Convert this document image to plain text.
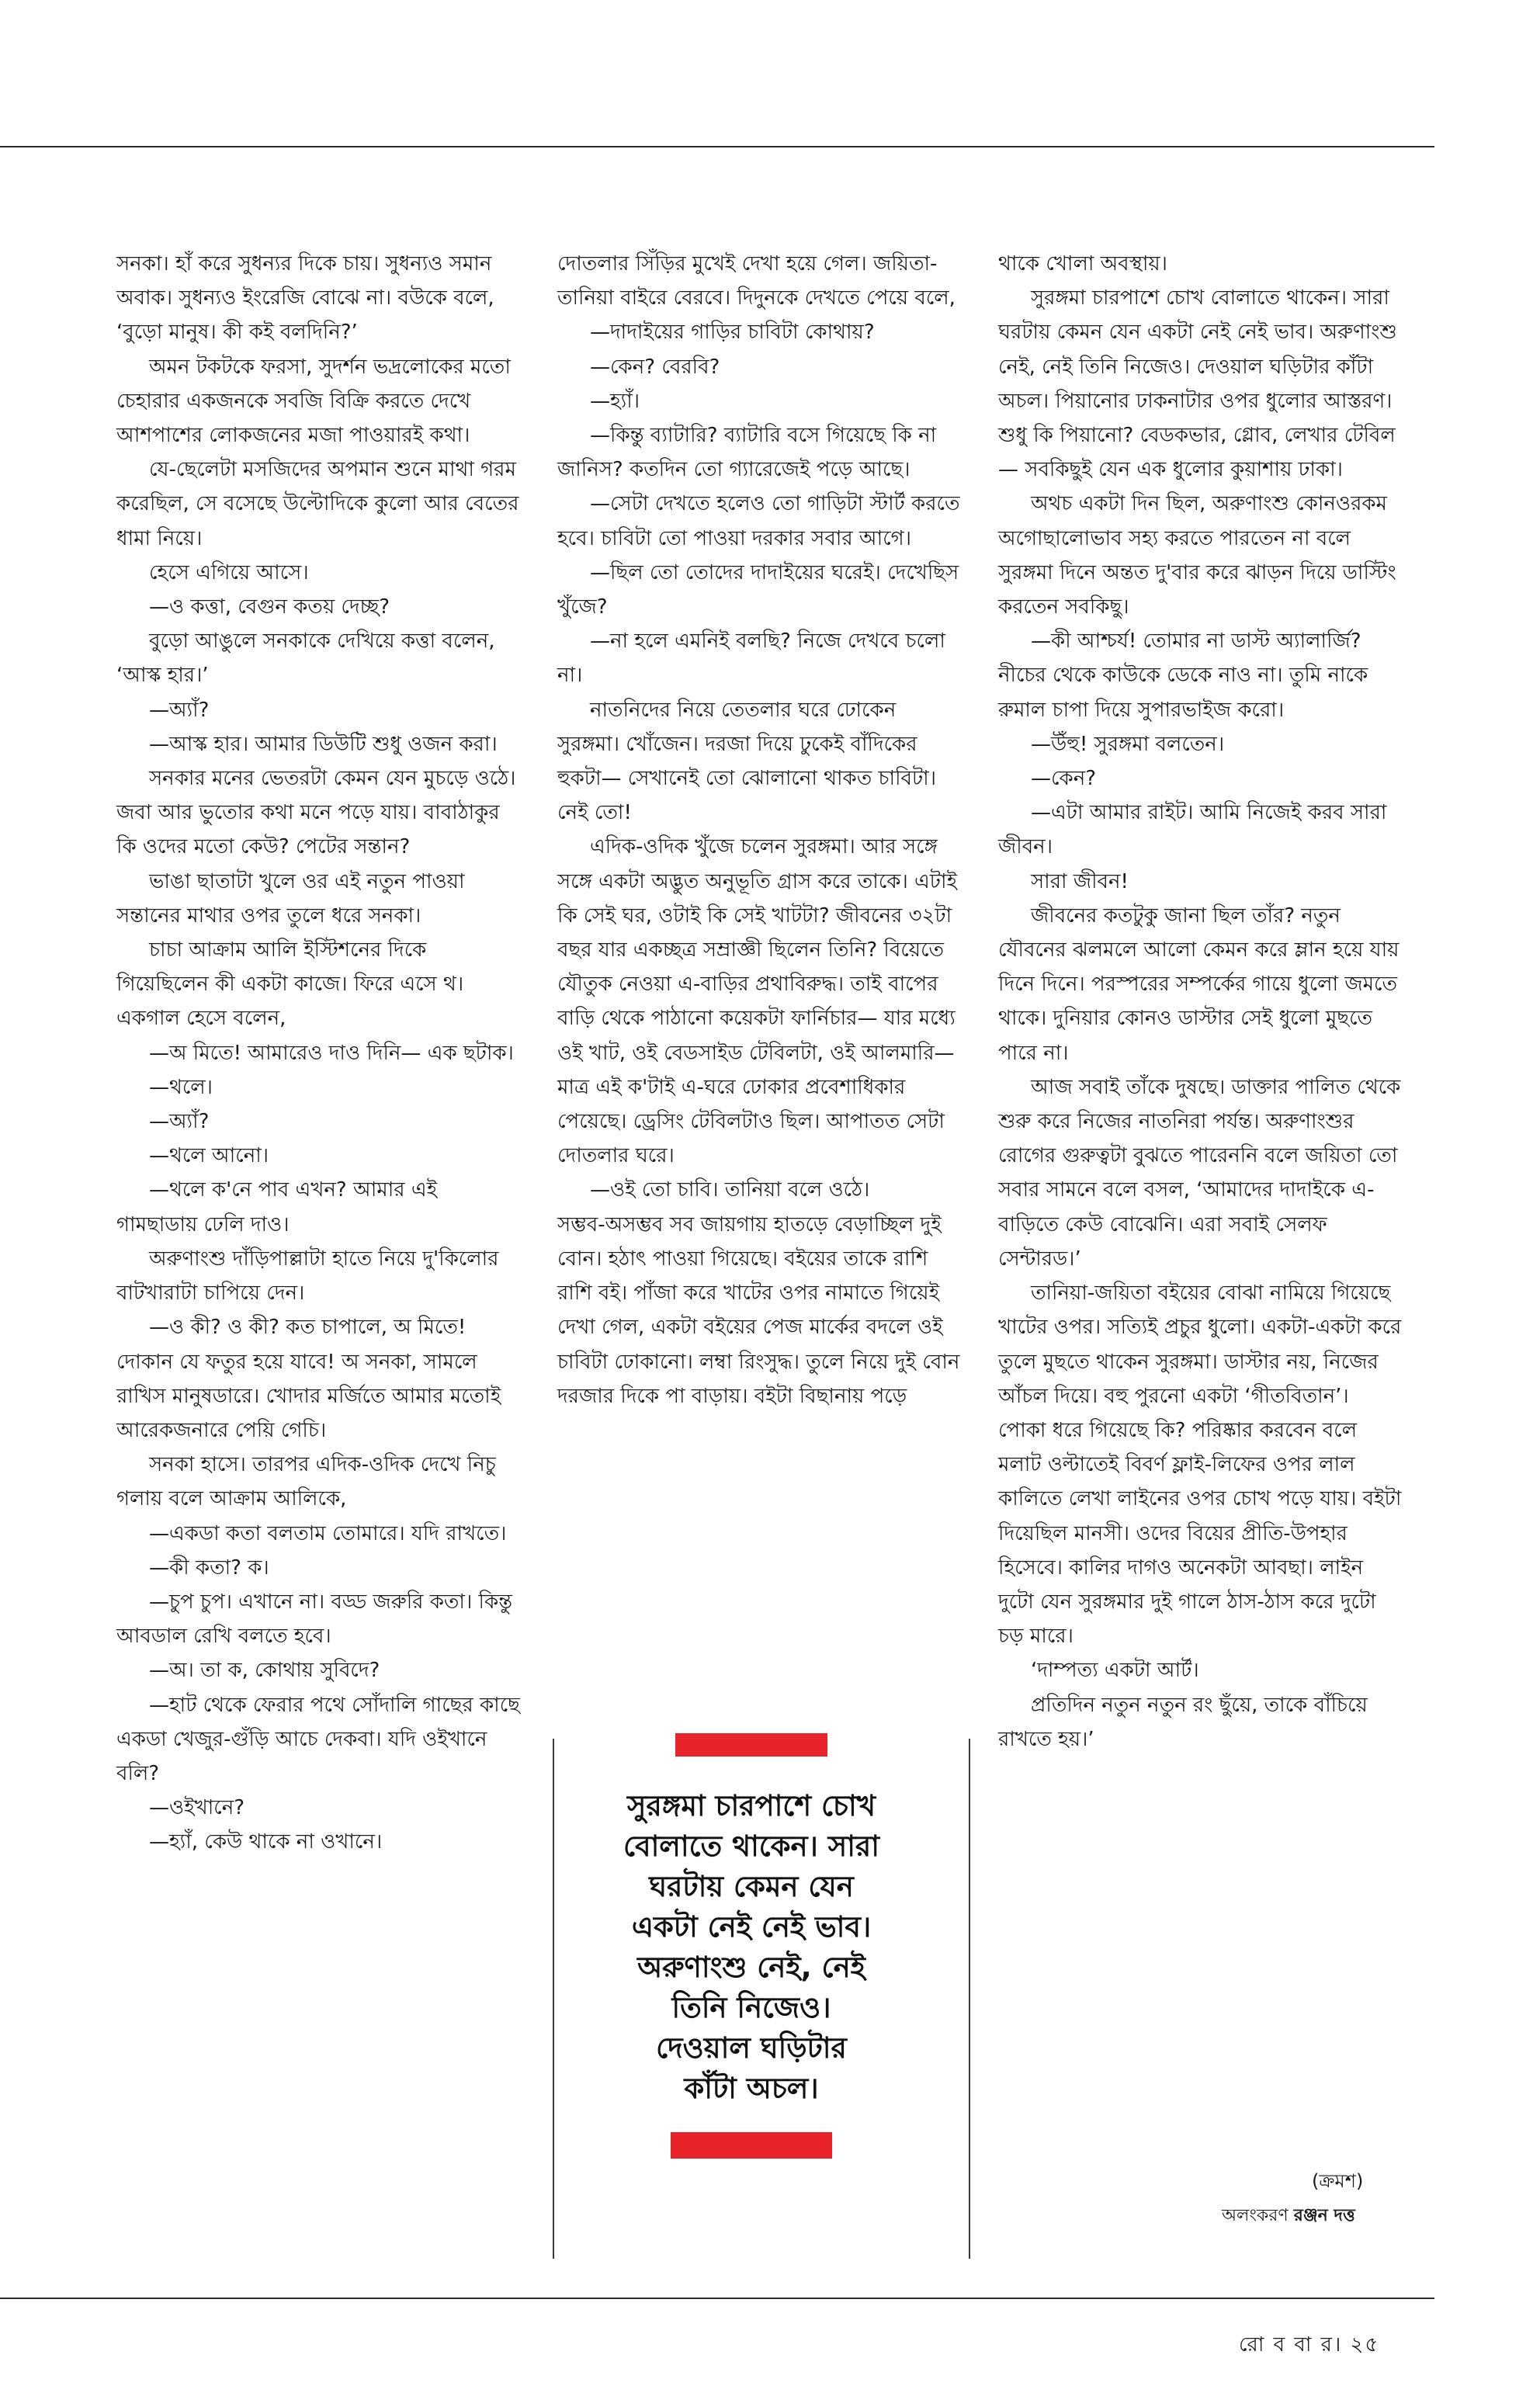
সনকা। হাঁ করে সুধন্যর দিকে চায়। সুধন্যও সমান অবাক। সুধন্যও ইংরেজি বোঝে না। বউকে বলে, ‘বুড়ো মানুষ। কী কই বলদিনি?’

অমন টকটকে ফরসা, সুদর্শন ভদ্রলোকের মতো চেহারার একজনকে সবজি বিক্রি করতে দেখে আশপাশের লোকজনের মজা পাওয়ারই কথা।

যে-ছেলেটা মসজিদের অপমান শুনে মাথা গরম করেছিল, সে বসেছে উল্টোদিকে কুলো আর বেতের ধামা নিয়ে।

হেসে এগিয়ে আসে।

—ও কত্তা, বেগুন কতয় দেচ্ছ?

বুড়ো আঙুলে সনকাকে দেখিয়ে কত্তা বলেন, ‘আস্ক হার।’

—অ্যাঁ?

—আস্ক হার। আমার ডিউটি শুধু ওজন করা।

সনকার মনের ভেতরটা কেমন যেন মুচড়ে ওঠে। জবা আর ভুতোর কথা মনে পড়ে যায়। বাবাঠাকুর কি ওদের মতো কেউ? পেটের সন্তান?

ভাঙা ছাতাটা খুলে ওর এই নতুন পাওয়া সন্তানের মাথার ওপর তুলে ধরে সনকা।

চাচা আক্রাম আলি ইস্টিশনের দিকে গিয়েছিলেন কী একটা কাজে। ফিরে এসে থ। একগাল হেসে বলেন,

—অ মিতে! আমারেও দাও দিনি— এক ছটাক।

—থলে।

—অ্যাঁ?

—থলে আনো।

—থলে ক'নে পাব এখন? আমার এই গামছাডায় ঢেলি দাও।

অরুণাংশু দাঁড়িপাল্লাটা হাতে নিয়ে দু'কিলোর বাটখারাটা চাপিয়ে দেন।

—ও কী? ও কী? কত চাপালে, অ মিতে! দোকান যে ফতুর হয়ে যাবে! অ সনকা, সামলে রাখিস মানুষডারে। খোদার মর্জিতে আমার মতোই আরেকজনারে পেয়ি গেচি।

সনকা হাসে। তারপর এদিক-ওদিক দেখে নিচু গলায় বলে আক্রাম আলিকে,

—একডা কতা বলতাম তোমারে। যদি রাখতে।

—কী কতা? ক।

—চুপ চুপ। এখানে না। বড্ড জরুরি কতা। কিন্তু আবডাল রেখি বলতে হবে।

—অ। তা ক, কোথায় সুবিদে?

—হাট থেকে ফেরার পথে সোঁদালি গাছের কাছে একডা খেজুর-গুঁড়ি আচে দেকবা। যদি ওইখানে বলি?

—ওইখানে?

—হ্যাঁ, কেউ থাকে না ওখানে।

দোতলার সিঁড়ির মুখেই দেখা হয়ে গেল। জয়িতা-তানিয়া বাইরে বেরবে। দিদুনকে দেখতে পেয়ে বলে,

—দাদাইয়ের গাড়ির চাবিটা কোথায়?

—কেন? বেরবি?

—হ্যাঁ।

—কিন্তু ব্যাটারি? ব্যাটারি বসে গিয়েছে কি না জানিস? কতদিন তো গ্যারেজেই পড়ে আছে।

—সেটা দেখতে হলেও তো গাড়িটা স্টার্ট করতে হবে। চাবিটা তো পাওয়া দরকার সবার আগে।

—ছিল তো তোদের দাদাইয়ের ঘরেই। দেখেছিস খুঁজে?

—না হলে এমনিই বলছি? নিজে দেখবে চলো না।

নাতনিদের নিয়ে তেতলার ঘরে ঢোকেন সুরঙ্গমা। খোঁজেন। দরজা দিয়ে ঢুকেই বাঁদিকের হুকটা— সেখানেই তো ঝোলানো থাকত চাবিটা। নেই তো!

এদিক-ওদিক খুঁজে চলেন সুরঙ্গমা। আর সঙ্গে সঙ্গে একটা অদ্ভুত অনুভূতি গ্রাস করে তাকে। এটাই কি সেই ঘর, ওটাই কি সেই খাটটা? জীবনের ৩২টা বছর যার একচ্ছত্র সম্রাজ্ঞী ছিলেন তিনি? বিয়েতে যৌতুক নেওয়া এ-বাড়ির প্রথাবিরুদ্ধ। তাই বাপের বাড়ি থেকে পাঠানো কয়েকটা ফার্নিচার— যার মধ্যে ওই খাট, ওই বেডসাইড টেবিলটা, ওই আলমারি— মাত্র এই ক'টাই এ-ঘরে ঢোকার প্রবেশাধিকার পেয়েছে। ড্রেসিং টেবিলটাও ছিল। আপাতত সেটা দোতলার ঘরে।

—ওই তো চাবি। তানিয়া বলে ওঠে।

সম্ভব-অসম্ভব সব জায়গায় হাতড়ে বেড়াচ্ছিল দুই বোন। হঠাৎ পাওয়া গিয়েছে। বইয়ের তাকে রাশি রাশি বই। পাঁজা করে খাটের ওপর নামাতে গিয়েই দেখা গেল, একটা বইয়ের পেজ মার্কের বদলে ওই চাবিটা ঢোকানো। লম্বা রিংসুদ্ধ। তুলে নিয়ে দুই বোন দরজার দিকে পা বাড়ায়। বইটা বিছানায় পড়ে

থাকে খোলা অবস্থায়।

সুরঙ্গমা চারপাশে চোখ বোলাতে থাকেন। সারা ঘরটায় কেমন যেন একটা নেই নেই ভাব। অরুণাংশু নেই, নেই তিনি নিজেও। দেওয়াল ঘড়িটার কাঁটা অচল। পিয়ানোর ঢাকনাটার ওপর ধুলোর আস্তরণ। শুধু কি পিয়ানো? বেডকভার, গ্লোব, লেখার টেবিল— সবকিছুই যেন এক ধুলোর কুয়াশায় ঢাকা।

অথচ একটা দিন ছিল, অরুণাংশু কোনওরকম অগোছালোভাব সহ্য করতে পারতেন না বলে সুরঙ্গমা দিনে অন্তত দু'বার করে ঝাড়ন দিয়ে ডাস্টিং করতেন সবকিছু।

—কী আশ্চর্য! তোমার না ডাস্ট অ্যালার্জি? নীচের থেকে কাউকে ডেকে নাও না। তুমি নাকে রুমাল চাপা দিয়ে সুপারভাইজ করো।

—উঁহু! সুরঙ্গমা বলতেন।

—কেন?

—এটা আমার রাইট। আমি নিজেই করব সারা জীবন।

সারা জীবন!

জীবনের কতটুকু জানা ছিল তাঁর? নতুন যৌবনের ঝলমলে আলো কেমন করে ম্লান হয়ে যায় দিনে দিনে। পরস্পরের সম্পর্কের গায়ে ধুলো জমতে থাকে। দুনিয়ার কোনও ডাস্টার সেই ধুলো মুছতে পারে না।

আজ সবাই তাঁকে দুষছে। ডাক্তার পালিত থেকে শুরু করে নিজের নাতনিরা পর্যন্ত। অরুণাংশুর রোগের গুরুত্বটা বুঝতে পারেননি বলে জয়িতা তো সবার সামনে বলে বসল, ‘আমাদের দাদাইকে এ-বাড়িতে কেউ বোঝেনি। এরা সবাই সেলফ সেন্টারড।’

তানিয়া-জয়িতা বইয়ের বোঝা নামিয়ে গিয়েছে খাটের ওপর। সত্যিই প্রচুর ধুলো। একটা-একটা করে তুলে মুছতে থাকেন সুরঙ্গমা। ডাস্টার নয়, নিজের আঁচল দিয়ে। বহু পুরনো একটা ‘গীতবিতান’। পোকা ধরে গিয়েছে কি? পরিষ্কার করবেন বলে মলাট ওল্টাতেই বিবর্ণ ফ্লাই-লিফের ওপর লাল কালিতে লেখা লাইনের ওপর চোখ পড়ে যায়। বইটা দিয়েছিল মানসী। ওদের বিয়ের প্রীতি-উপহার হিসেবে। কালির দাগও অনেকটা আবছা। লাইন দুটো যেন সুরঙ্গমার দুই গালে ঠাস-ঠাস করে দুটো চড় মারে।

‘দাম্পত্য একটা আর্ট।

প্রতিদিন নতুন নতুন রং ছুঁয়ে, তাকে বাঁচিয়ে রাখতে হয়।’

সুরঙ্গমা চারপাশে চোখ
বোলাতে থাকেন। সারা
ঘরটায় কেমন যেন
একটা নেই নেই ভাব।
অরুণাংশু নেই, নেই
তিনি নিজেও।
দেওয়াল ঘড়িটার
কাঁটা অচল।
(ক্রমশ)
অলংকরণ রঞ্জন দত্ত
রো ব বা র। ২৫
